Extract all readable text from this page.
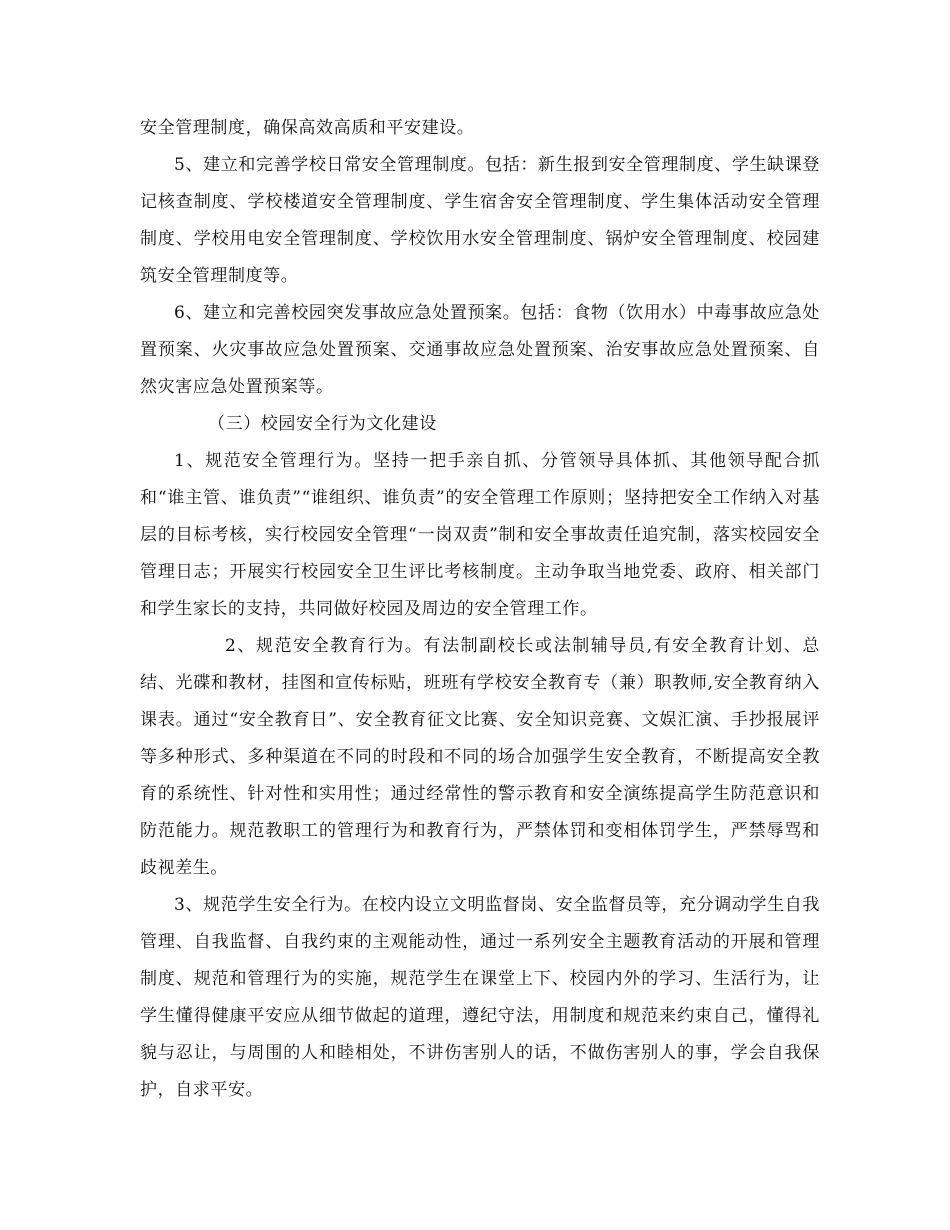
安全管理制度，确保高效高质和平安建设。

5、建立和完善学校日常安全管理制度。包括：新生报到安全管理制度、学生缺课登记核查制度、学校楼道安全管理制度、学生宿舍安全管理制度、学生集体活动安全管理制度、学校用电安全管理制度、学校饮用水安全管理制度、锅炉安全管理制度、校园建筑安全管理制度等。

6、建立和完善校园突发事故应急处置预案。包括：食物（饮用水）中毒事故应急处置预案、火灾事故应急处置预案、交通事故应急处置预案、治安事故应急处置预案、自然灾害应急处置预案等。

（三）校园安全行为文化建设

1、规范安全管理行为。坚持一把手亲自抓、分管领导具体抓、其他领导配合抓和“谁主管、谁负责”“谁组织、谁负责”的安全管理工作原则；坚持把安全工作纳入对基层的目标考核，实行校园安全管理“一岗双责”制和安全事故责任追究制，落实校园安全管理日志；开展实行校园安全卫生评比考核制度。主动争取当地党委、政府、相关部门和学生家长的支持，共同做好校园及周边的安全管理工作。

2、规范安全教育行为。有法制副校长或法制辅导员,有安全教育计划、总结、光碟和教材，挂图和宣传标贴，班班有学校安全教育专（兼）职教师,安全教育纳入课表。通过“安全教育日”、安全教育征文比赛、安全知识竞赛、文娱汇演、手抄报展评等多种形式、多种渠道在不同的时段和不同的场合加强学生安全教育，不断提高安全教育的系统性、针对性和实用性；通过经常性的警示教育和安全演练提高学生防范意识和防范能力。规范教职工的管理行为和教育行为，严禁体罚和变相体罚学生，严禁辱骂和歧视差生。

3、规范学生安全行为。在校内设立文明监督岗、安全监督员等，充分调动学生自我管理、自我监督、自我约束的主观能动性，通过一系列安全主题教育活动的开展和管理制度、规范和管理行为的实施，规范学生在课堂上下、校园内外的学习、生活行为，让学生懂得健康平安应从细节做起的道理，遵纪守法，用制度和规范来约束自己，懂得礼貌与忍让，与周围的人和睦相处，不讲伤害别人的话，不做伤害别人的事，学会自我保护，自求平安。
